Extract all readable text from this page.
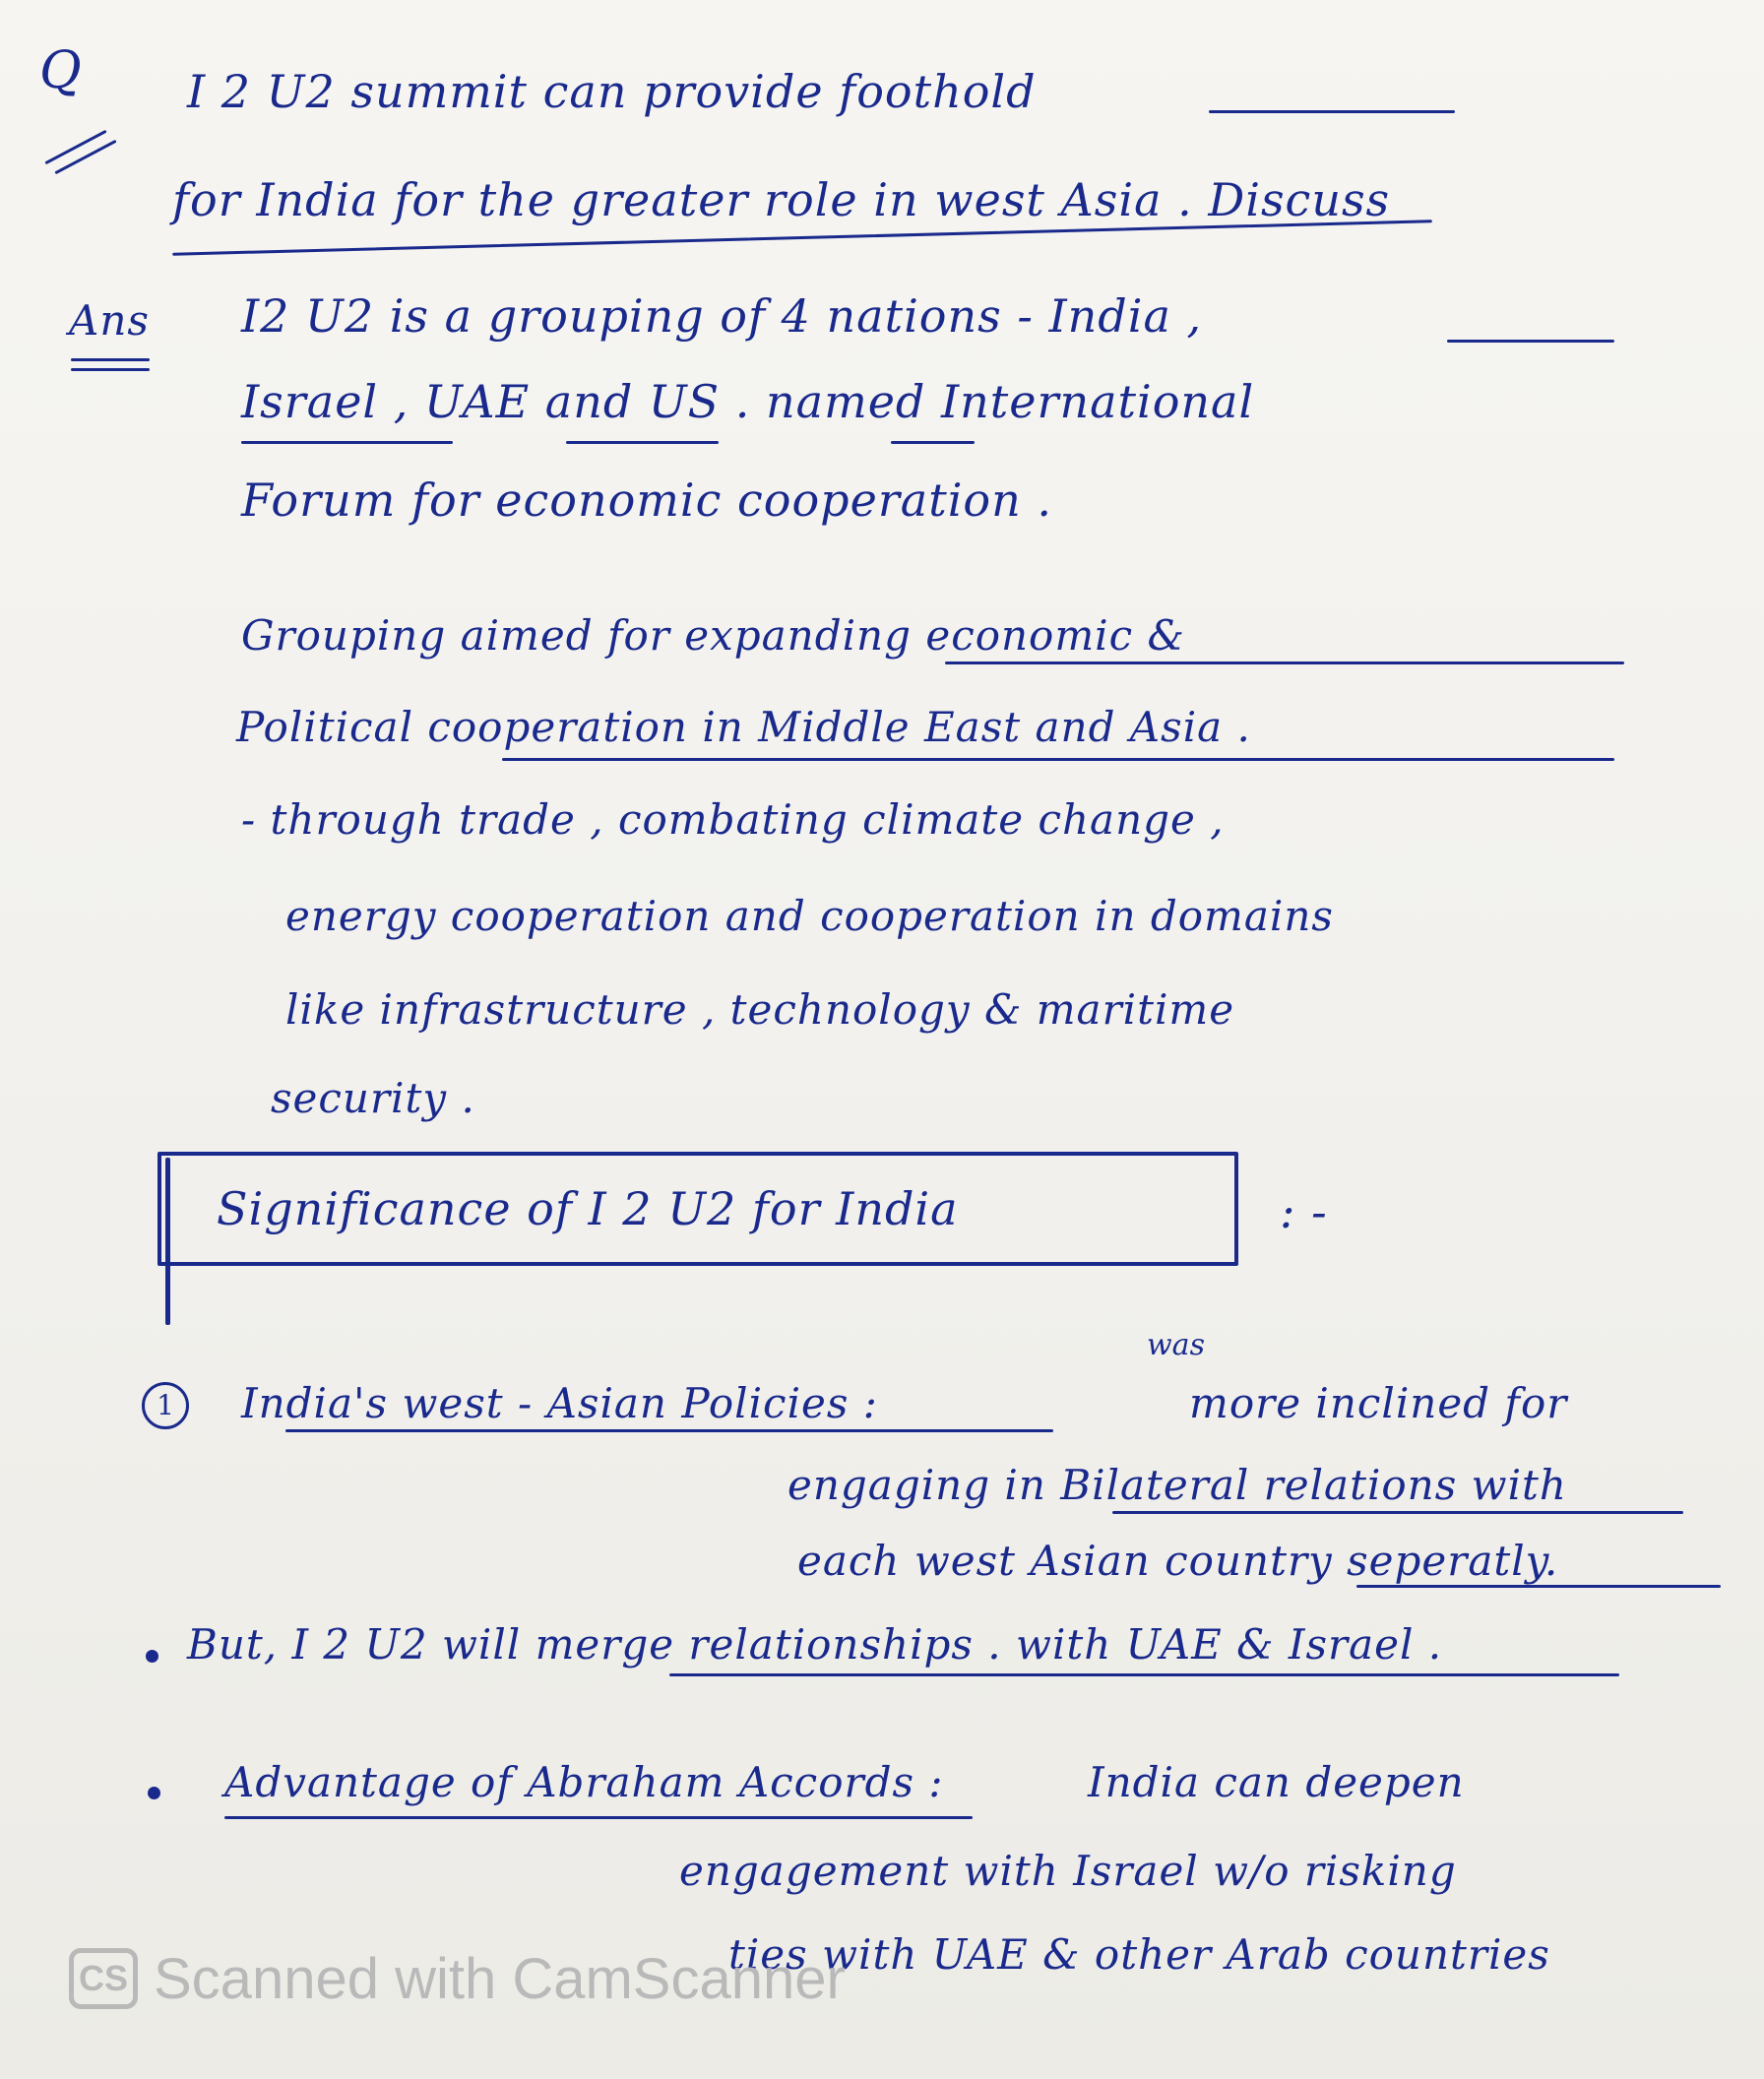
Q I 2 U2 summit can provide foothold
for India for the greater role in west Asia . Discuss
Ans I2 U2 is a grouping of 4 nations - India ,
Israel , UAE and US . named International
Forum for economic cooperation .
Grouping aimed for expanding economic &
Political cooperation in Middle East and Asia .
- through trade , combating climate change ,
energy cooperation and cooperation in domains
like infrastructure , technology & maritime
security .
Significance of I 2 U2 for India	: -
1	India's west - Asian Policies :
was
more inclined for
engaging in Bilateral relations with
each west Asian country seperatly.
But, I 2 U2 will merge relationships . with UAE & Israel .
Advantage of Abraham Accords :	India can deepen
engagement with Israel w/o risking
ties with UAE & other Arab countries
CS Scanned with CamScanner
